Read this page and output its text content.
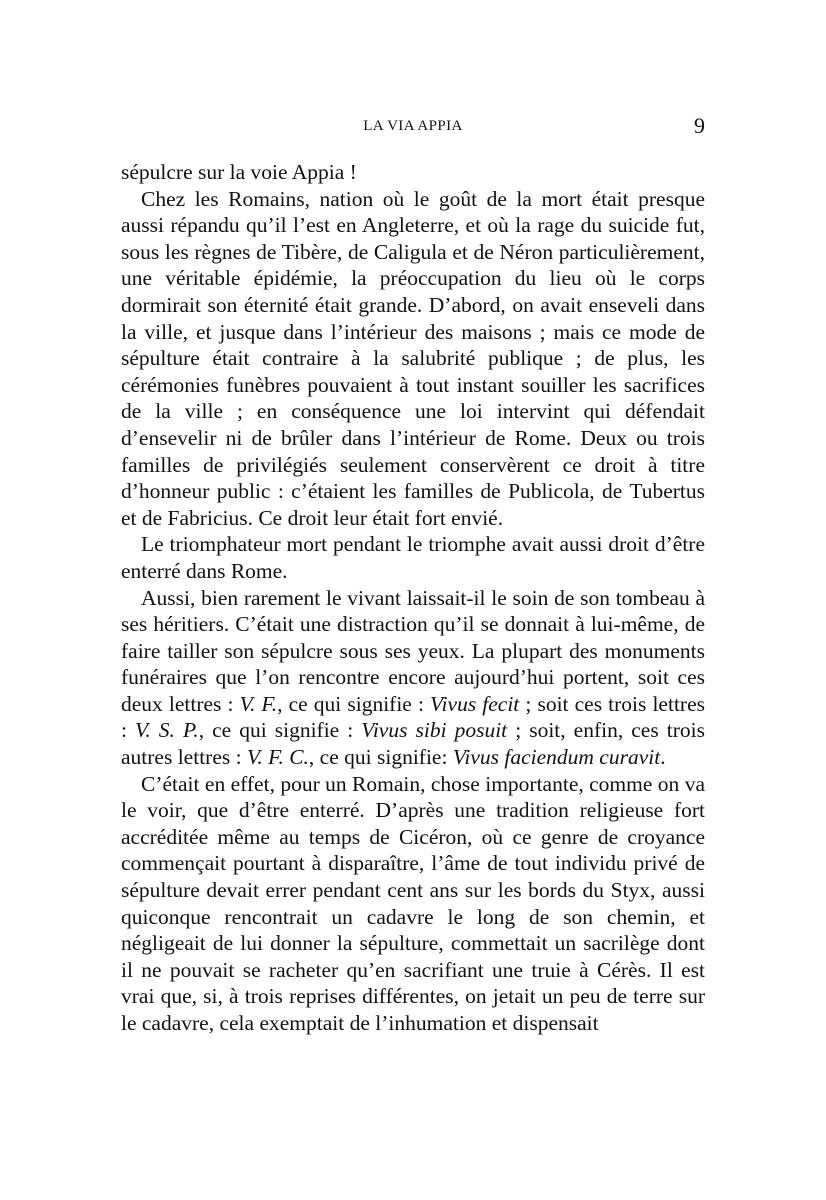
LA VIA APPIA	9

sépulcre sur la voie Appia !

Chez les Romains, nation où le goût de la mort était presque aussi répandu qu’il l’est en Angleterre, et où la rage du suicide fut, sous les règnes de Tibère, de Caligula et de Néron particulièrement, une véritable épidémie, la préoccupation du lieu où le corps dormirait son éternité était grande. D’abord, on avait enseveli dans la ville, et jusque dans l’intérieur des maisons ; mais ce mode de sépulture était contraire à la salubrité publique ; de plus, les cérémonies funèbres pouvaient à tout instant souiller les sacrifices de la ville ; en conséquence une loi intervint qui défendait d’ensevelir ni de brûler dans l’intérieur de Rome. Deux ou trois familles de privilégiés seulement conservèrent ce droit à titre d’honneur public : c’étaient les familles de Publicola, de Tubertus et de Fabricius. Ce droit leur était fort envié.

Le triomphateur mort pendant le triomphe avait aussi droit d’être enterré dans Rome.

Aussi, bien rarement le vivant laissait-il le soin de son tombeau à ses héritiers. C’était une distraction qu’il se donnait à lui-même, de faire tailler son sépulcre sous ses yeux. La plupart des monuments funéraires que l’on rencontre encore aujourd’hui portent, soit ces deux lettres : V. F., ce qui signifie : Vivus fecit ; soit ces trois lettres : V. S. P., ce qui signifie : Vivus sibi posuit ; soit, enfin, ces trois autres lettres : V. F. C., ce qui signifie: Vivus faciendum curavit.

C’était en effet, pour un Romain, chose importante, comme on va le voir, que d’être enterré. D’après une tradition religieuse fort accréditée même au temps de Cicéron, où ce genre de croyance commençait pourtant à disparaître, l’âme de tout individu privé de sépulture devait errer pendant cent ans sur les bords du Styx, aussi quiconque rencontrait un cadavre le long de son chemin, et négligeait de lui donner la sépulture, commettait un sacrilège dont il ne pouvait se racheter qu’en sacrifiant une truie à Cérès. Il est vrai que, si, à trois reprises différentes, on jetait un peu de terre sur le cadavre, cela exemptait de l’inhumation et dispensait
